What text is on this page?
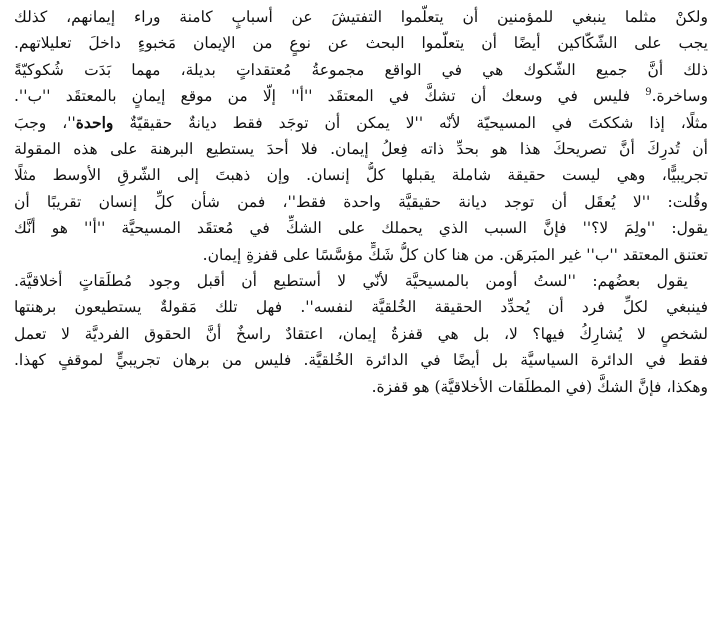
ولكنْ مثلما ينبغي للمؤمنين أن يتعلّموا التفتيشَ عن أسبابٍ كامنة وراء إيمانهم، كذلك
يجب على الشّكّاكين أيضًا أن يتعلّموا البحث عن نوعٍ من الإيمان مَخبوءٍ داخلَ تعليلاتهم.
ذلك أنَّ جميع الشّكوك هي في الواقع مجموعةُ مُعتقداتٍ بديلة، مهما بَدَت شُكوكيّةً
وساخرة.$^9$ فليس في وسعك أن تشكَّ في المعتقَد ''أ'' إلّا من موقع إيمانٍ بالمعتقَد ''ب''.

مثلًا، إذا شككتَ في المسيحيّة لأنّه ''لا يمكن أن توجَد فقط ديانةٌ حقيقيّةٌ واحدة''، وجبَ
أن تُدرِكَ أنَّ تصريحكَ هذا هو بحدِّ ذاته فِعلُ إيمان. فلا أحدَ يستطيع البرهنة على هذه المقولة
تجريبيًّا، وهي ليست حقيقة شاملة يقبلها كلُّ إنسان. وإن ذهبتَ إلى الشّرقِ الأوسط مثلًا
وقُلت: ''لا يُعقَل أن توجد ديانة حقيقيَّة واحدة فقط''، فمن شأن كلِّ إنسان تقريبًا أن
يقول: ''ولِمَ لا؟'' فإنَّ السبب الذي يحملك على الشكِّ في مُعتقَد المسيحيَّة ''أ'' هو أنَّك
تعتنق المعتقد ''ب'' غير المبَرهَن. من هنا كان كلُّ شَكٍّ مؤسَّسًا على قفزةِ إيمان.

يقول بعضُهم: ''لستُ أومن بالمسيحيَّة لأنّي لا أستطيع أن أقبل وجود مُطلَقاتٍ أخلاقيَّة.
فينبغي لكلِّ فرد أن يُحدِّد الحقيقة الخُلقيَّة لنفسه''. فهل تلك مَقولةٌ يستطيعون برهنتها
لشخصٍ لا يُشارِكُ فيها؟ لا، بل هي قفزةُ إيمان، اعتقادٌ راسخٌ أنَّ الحقوق الفرديَّة لا تعمل
فقط في الدائرة السياسيَّة بل أيضًا في الدائرة الخُلقيَّة. فليس من برهان تجريبيٍّ لموقفٍ كهذا.
وهكذا، فإنَّ الشكَّ (في المطلَقات الأخلاقيَّة) هو قفزة.
